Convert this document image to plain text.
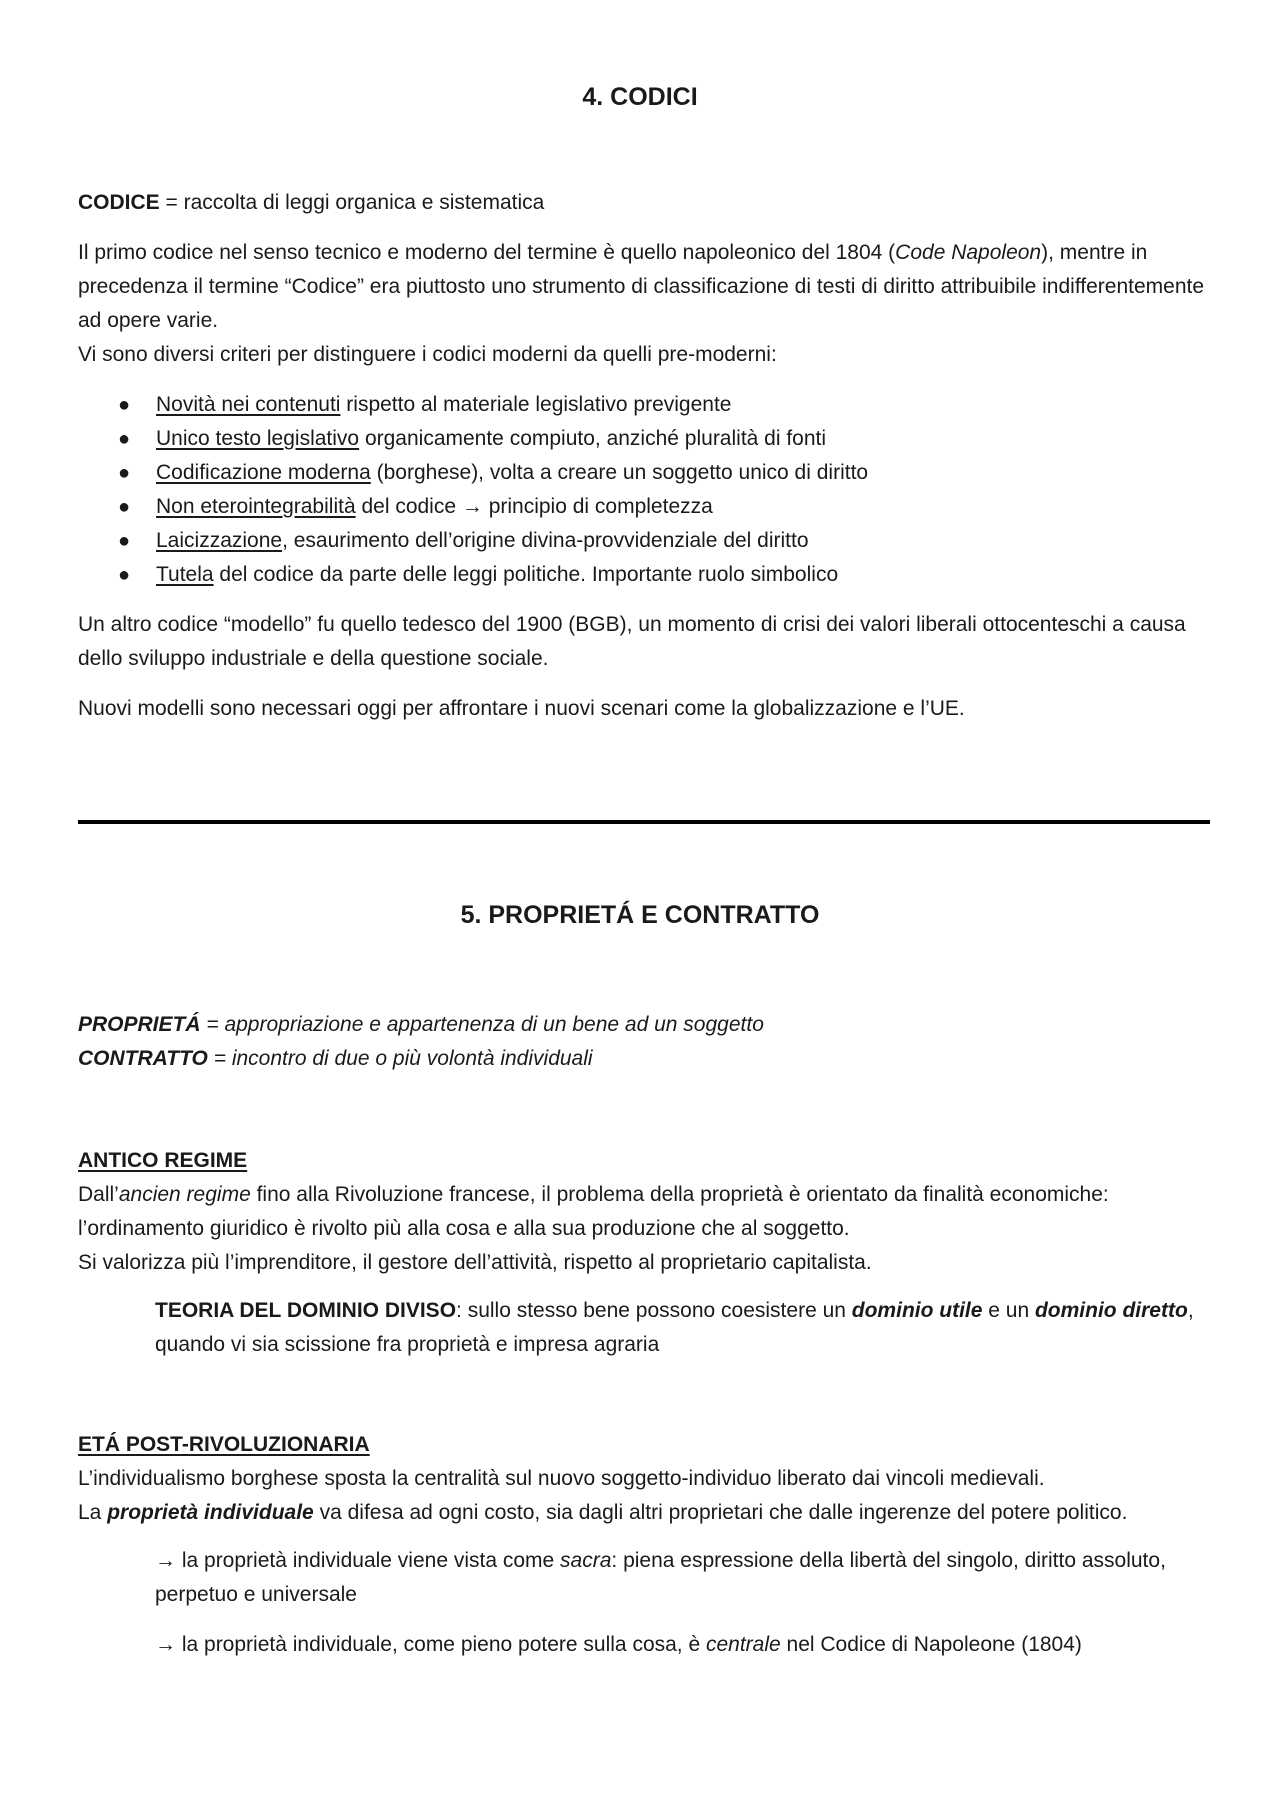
4. CODICI

CODICE = raccolta di leggi organica e sistematica

Il primo codice nel senso tecnico e moderno del termine è quello napoleonico del 1804 (Code Napoleon), mentre in precedenza il termine “Codice” era piuttosto uno strumento di classificazione di testi di diritto attribuibile indifferentemente ad opere varie.

Vi sono diversi criteri per distinguere i codici moderni da quelli pre-moderni:

● Novità nei contenuti rispetto al materiale legislativo previgente
● Unico testo legislativo organicamente compiuto, anziché pluralità di fonti
● Codificazione moderna (borghese), volta a creare un soggetto unico di diritto
● Non eterointegrabilità del codice → principio di completezza
● Laicizzazione, esaurimento dell’origine divina-provvidenziale del diritto
● Tutela del codice da parte delle leggi politiche. Importante ruolo simbolico

Un altro codice “modello” fu quello tedesco del 1900 (BGB), un momento di crisi dei valori liberali ottocenteschi a causa dello sviluppo industriale e della questione sociale.

Nuovi modelli sono necessari oggi per affrontare i nuovi scenari come la globalizzazione e l’UE.

5. PROPRIETÁ E CONTRATTO

PROPRIETÁ = appropriazione e appartenenza di un bene ad un soggetto

CONTRATTO = incontro di due o più volontà individuali

ANTICO REGIME

Dall’ancien regime fino alla Rivoluzione francese, il problema della proprietà è orientato da finalità economiche:

l’ordinamento giuridico è rivolto più alla cosa e alla sua produzione che al soggetto.

Si valorizza più l’imprenditore, il gestore dell’attività, rispetto al proprietario capitalista.

TEORIA DEL DOMINIO DIVISO: sullo stesso bene possono coesistere un dominio utile e un dominio diretto, quando vi sia scissione fra proprietà e impresa agraria

ETÁ POST-RIVOLUZIONARIA

L’individualismo borghese sposta la centralità sul nuovo soggetto-individuo liberato dai vincoli medievali.

La proprietà individuale va difesa ad ogni costo, sia dagli altri proprietari che dalle ingerenze del potere politico.

→ la proprietà individuale viene vista come sacra: piena espressione della libertà del singolo, diritto assoluto, perpetuo e universale

→ la proprietà individuale, come pieno potere sulla cosa, è centrale nel Codice di Napoleone (1804)
